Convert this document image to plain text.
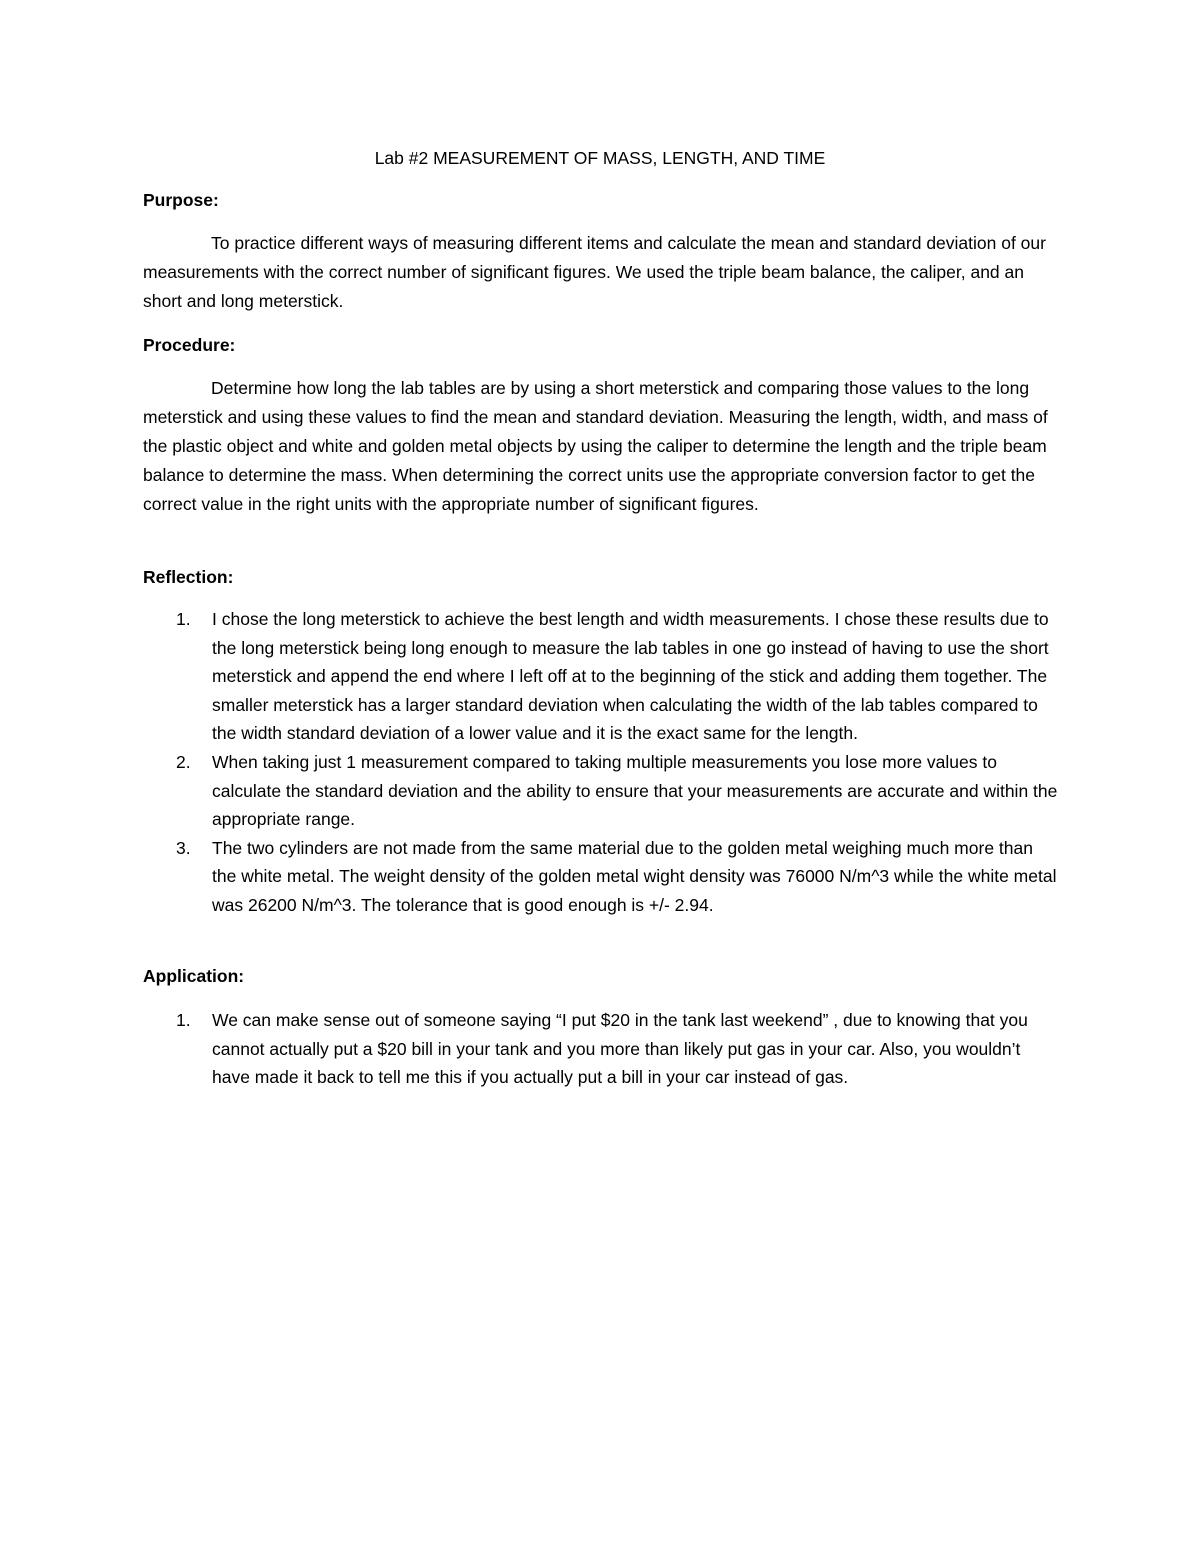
Lab #2 MEASUREMENT OF MASS, LENGTH, AND TIME
Purpose:

To practice different ways of measuring different items and calculate the mean and standard deviation of our measurements with the correct number of significant figures. We used the triple beam balance, the caliper, and an short and long meterstick.

Procedure:

Determine how long the lab tables are by using a short meterstick and comparing those values to the long meterstick and using these values to find the mean and standard deviation. Measuring the length, width, and mass of the plastic object and white and golden metal objects by using the caliper to determine the length and the triple beam balance to determine the mass. When determining the correct units use the appropriate conversion factor to get the correct value in the right units with the appropriate number of significant figures.

Reflection:
1. I chose the long meterstick to achieve the best length and width measurements. I chose these results due to the long meterstick being long enough to measure the lab tables in one go instead of having to use the short meterstick and append the end where I left off at to the beginning of the stick and adding them together. The smaller meterstick has a larger standard deviation when calculating the width of the lab tables compared to the width standard deviation of a lower value and it is the exact same for the length.
2. When taking just 1 measurement compared to taking multiple measurements you lose more values to calculate the standard deviation and the ability to ensure that your measurements are accurate and within the appropriate range.
3. The two cylinders are not made from the same material due to the golden metal weighing much more than the white metal. The weight density of the golden metal wight density was 76000 N/m^3 while the white metal was 26200 N/m^3. The tolerance that is good enough is +/- 2.94.
Application:
1. We can make sense out of someone saying “I put $20 in the tank last weekend” , due to knowing that you cannot actually put a $20 bill in your tank and you more than likely put gas in your car. Also, you wouldn’t have made it back to tell me this if you actually put a bill in your car instead of gas.
